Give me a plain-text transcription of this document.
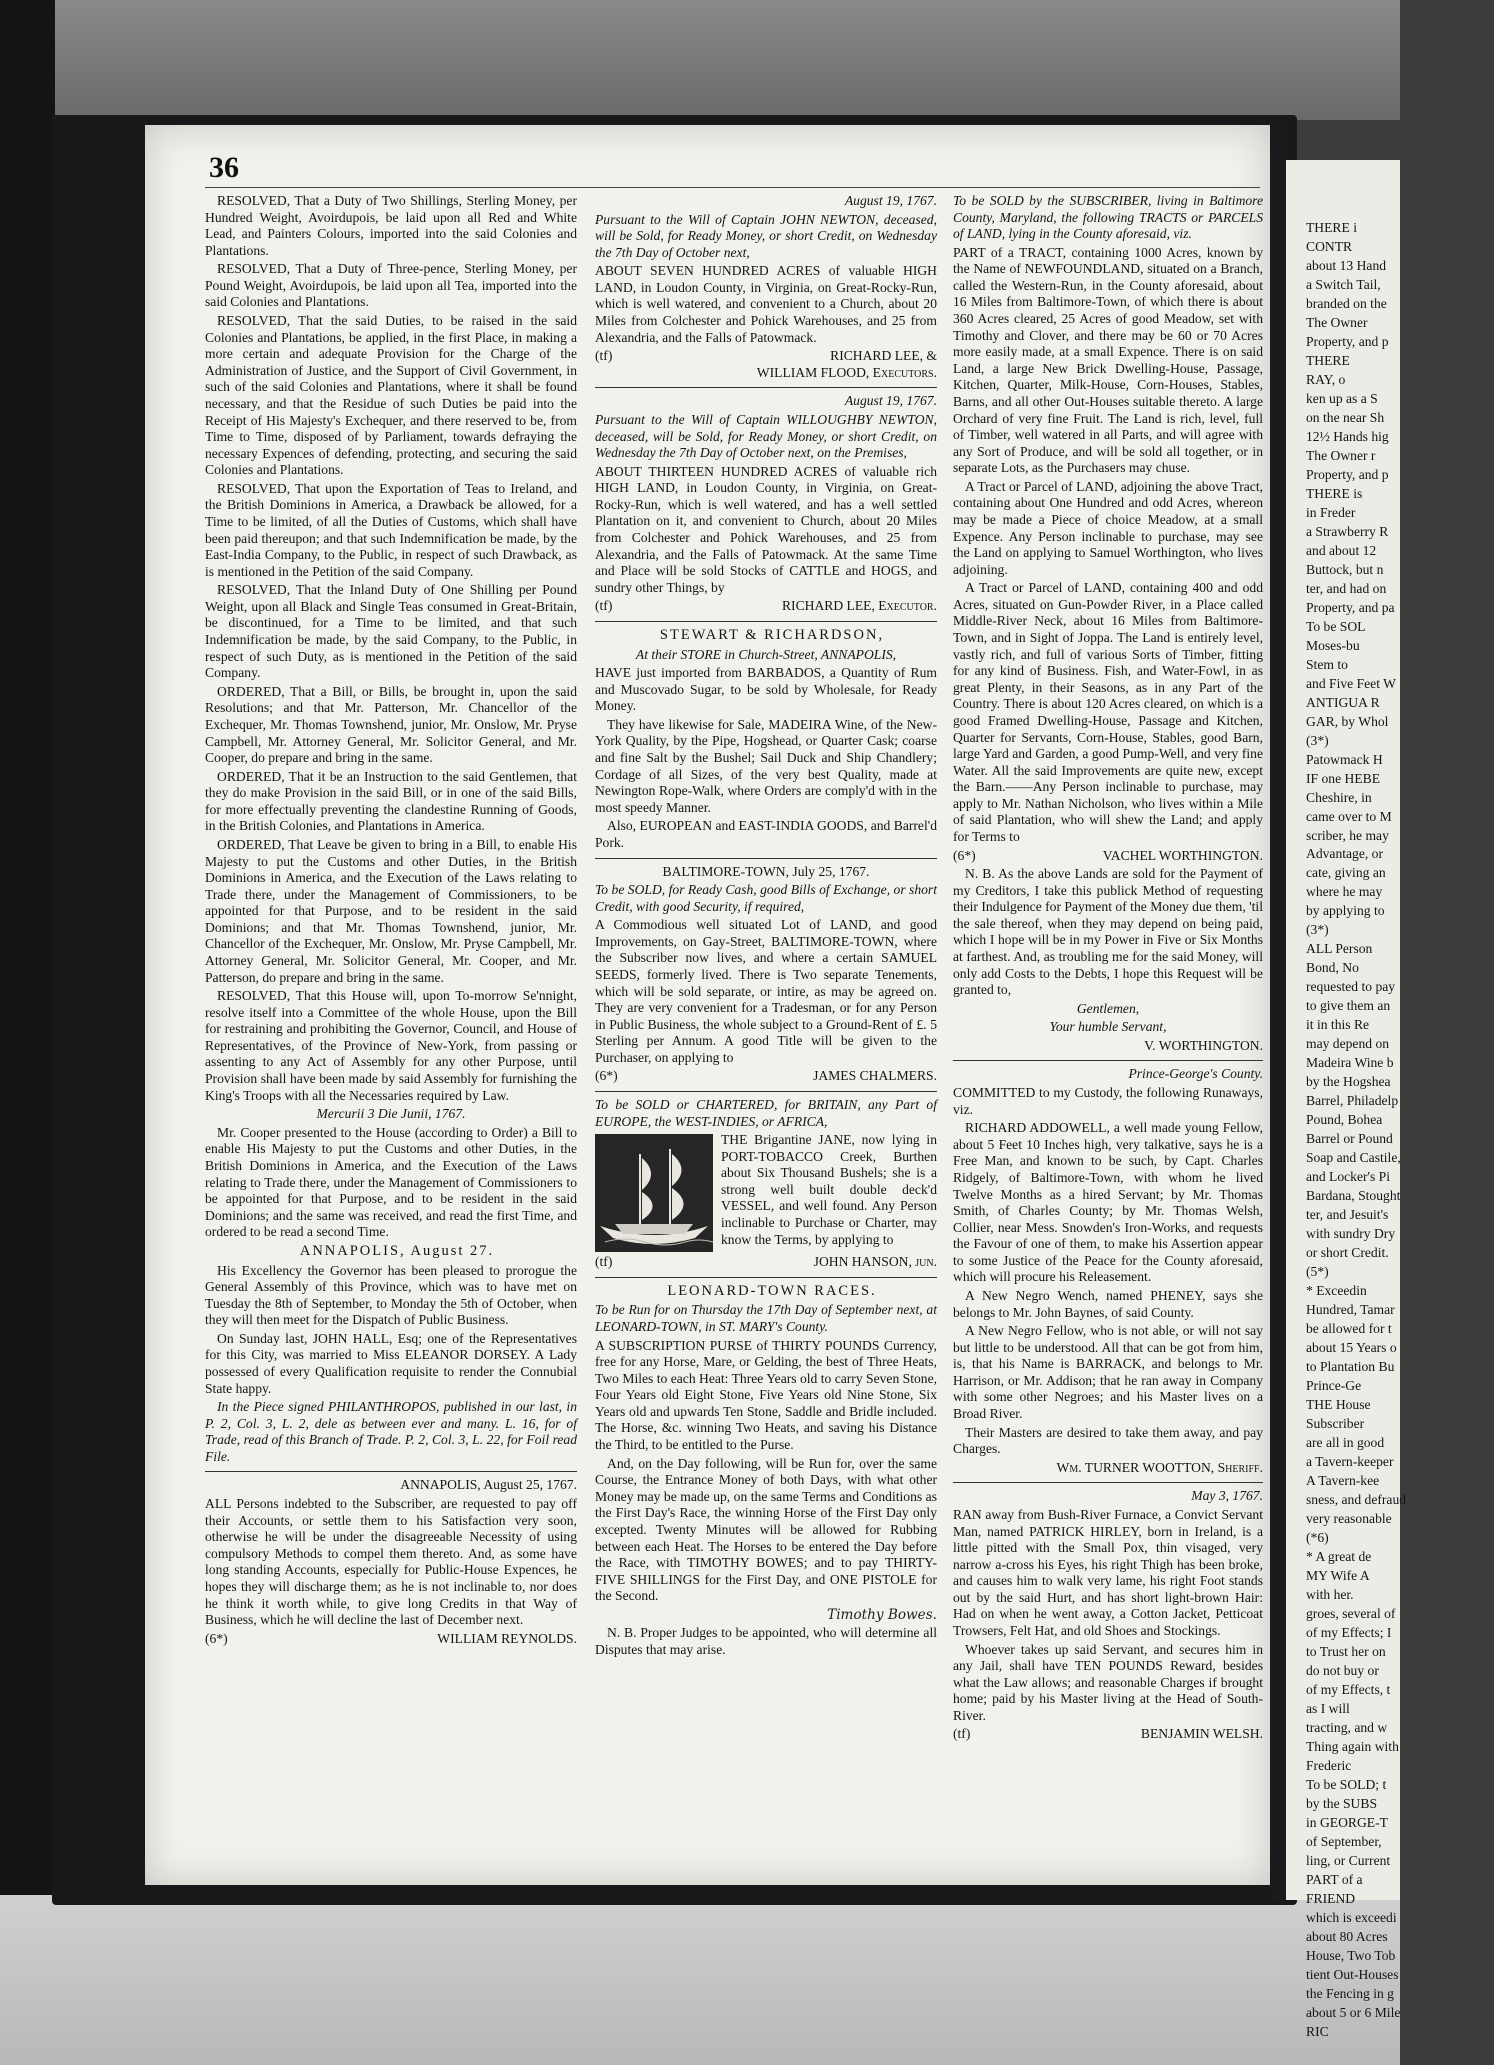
36

RESOLVED, That a Duty of Two Shillings, Sterling Money, per Hundred Weight, Avoirdupois, be laid upon all Red and White Lead, and Painters Colours, imported into the said Colonies and Plantations.

RESOLVED, That a Duty of Three-pence, Sterling Money, per Pound Weight, Avoirdupois, be laid upon all Tea, imported into the said Colonies and Plantations.

RESOLVED, That the said Duties, to be raised in the said Colonies and Plantations, be applied, in the first Place, in making a more certain and adequate Provision for the Charge of the Administration of Justice, and the Support of Civil Government, in such of the said Colonies and Plantations, where it shall be found necessary, and that the Residue of such Duties be paid into the Receipt of His Majesty's Exchequer, and there reserved to be, from Time to Time, disposed of by Parliament, towards defraying the necessary Expences of defending, protecting, and securing the said Colonies and Plantations.

RESOLVED, That upon the Exportation of Teas to Ireland, and the British Dominions in America, a Drawback be allowed, for a Time to be limited, of all the Duties of Customs, which shall have been paid thereupon; and that such Indemnification be made, by the East-India Company, to the Public, in respect of such Drawback, as is mentioned in the Petition of the said Company.

RESOLVED, That the Inland Duty of One Shilling per Pound Weight, upon all Black and Single Teas consumed in Great-Britain, be discontinued, for a Time to be limited, and that such Indemnification be made, by the said Company, to the Public, in respect of such Duty, as is mentioned in the Petition of the said Company.

ORDERED, That a Bill, or Bills, be brought in, upon the said Resolutions; and that Mr. Patterson, Mr. Chancellor of the Exchequer, Mr. Thomas Townshend, junior, Mr. Onslow, Mr. Pryse Campbell, Mr. Attorney General, Mr. Solicitor General, and Mr. Cooper, do prepare and bring in the same.

ORDERED, That it be an Instruction to the said Gentlemen, that they do make Provision in the said Bill, or in one of the said Bills, for more effectually preventing the clandestine Running of Goods, in the British Colonies, and Plantations in America.

ORDERED, That Leave be given to bring in a Bill, to enable His Majesty to put the Customs and other Duties, in the British Dominions in America, and the Execution of the Laws relating to Trade there, under the Management of Commissioners, to be appointed for that Purpose, and to be resident in the said Dominions; and that Mr. Thomas Townshend, junior, Mr. Chancellor of the Exchequer, Mr. Onslow, Mr. Pryse Campbell, Mr. Attorney General, Mr. Solicitor General, Mr. Cooper, and Mr. Patterson, do prepare and bring in the same.

RESOLVED, That this House will, upon To-morrow Se'nnight, resolve itself into a Committee of the whole House, upon the Bill for restraining and prohibiting the Governor, Council, and House of Representatives, of the Province of New-York, from passing or assenting to any Act of Assembly for any other Purpose, until Provision shall have been made by said Assembly for furnishing the King's Troops with all the Necessaries required by Law.

Mercurii 3 Die Junii, 1767.

Mr. Cooper presented to the House (according to Order) a Bill to enable His Majesty to put the Customs and other Duties, in the British Dominions in America, and the Execution of the Laws relating to Trade there, under the Management of Commissioners to be appointed for that Purpose, and to be resident in the said Dominions; and the same was received, and read the first Time, and ordered to be read a second Time.

ANNAPOLIS, August 27.

His Excellency the Governor has been pleased to prorogue the General Assembly of this Province, which was to have met on Tuesday the 8th of September, to Monday the 5th of October, when they will then meet for the Dispatch of Public Business.

On Sunday last, JOHN HALL, Esq; one of the Representatives for this City, was married to Miss ELEANOR DORSEY. A Lady possessed of every Qualification requisite to render the Connubial State happy.

In the Piece signed PHILANTHROPOS, published in our last, in P. 2, Col. 3, L. 2, dele as between ever and many. L. 16, for of Trade, read of this Branch of Trade. P. 2, Col. 3, L. 22, for Foil read File.

ANNAPOLIS, August 25, 1767.

ALL Persons indebted to the Subscriber, are requested to pay off their Accounts, or settle them to his Satisfaction very soon, otherwise he will be under the disagreeable Necessity of using compulsory Methods to compel them thereto. And, as some have long standing Accounts, especially for Public-House Expences, he hopes they will discharge them; as he is not inclinable to, nor does he think it worth while, to give long Credits in that Way of Business, which he will decline the last of December next.

(6*)	WILLIAM REYNOLDS.

August 19, 1767.

Pursuant to the Will of Captain JOHN NEWTON, deceased, will be Sold, for Ready Money, or short Credit, on Wednesday the 7th Day of October next,

ABOUT SEVEN HUNDRED ACRES of valuable HIGH LAND, in Loudon County, in Virginia, on Great-Rocky-Run, which is well watered, and convenient to a Church, about 20 Miles from Colchester and Pohick Warehouses, and 25 from Alexandria, and the Falls of Patowmack.

(tf)	RICHARD LEE, &
WILLIAM FLOOD, Executors.

August 19, 1767.

Pursuant to the Will of Captain WILLOUGHBY NEWTON, deceased, will be Sold, for Ready Money, or short Credit, on Wednesday the 7th Day of October next, on the Premises,

ABOUT THIRTEEN HUNDRED ACRES of valuable rich HIGH LAND, in Loudon County, in Virginia, on Great-Rocky-Run, which is well watered, and has a well settled Plantation on it, and convenient to Church, about 20 Miles from Colchester and Pohick Warehouses, and 25 from Alexandria, and the Falls of Patowmack. At the same Time and Place will be sold Stocks of CATTLE and HOGS, and sundry other Things, by

(tf)	RICHARD LEE, Executor.

STEWART & RICHARDSON,

At their STORE in Church-Street, ANNAPOLIS,

HAVE just imported from BARBADOS, a Quantity of Rum and Muscovado Sugar, to be sold by Wholesale, for Ready Money.

They have likewise for Sale, MADEIRA Wine, of the New-York Quality, by the Pipe, Hogshead, or Quarter Cask; coarse and fine Salt by the Bushel; Sail Duck and Ship Chandlery; Cordage of all Sizes, of the very best Quality, made at Newington Rope-Walk, where Orders are comply'd with in the most speedy Manner.

Also, EUROPEAN and EAST-INDIA GOODS, and Barrel'd Pork.

BALTIMORE-TOWN, July 25, 1767.

To be SOLD, for Ready Cash, good Bills of Exchange, or short Credit, with good Security, if required,

A Commodious well situated Lot of LAND, and good Improvements, on Gay-Street, BALTIMORE-TOWN, where the Subscriber now lives, and where a certain SAMUEL SEEDS, formerly lived. There is Two separate Tenements, which will be sold separate, or intire, as may be agreed on. They are very convenient for a Tradesman, or for any Person in Public Business, the whole subject to a Ground-Rent of £. 5 Sterling per Annum. A good Title will be given to the Purchaser, on applying to

(6*)	JAMES CHALMERS.

To be SOLD or CHARTERED, for BRITAIN, any Part of EUROPE, the WEST-INDIES, or AFRICA,

THE Brigantine JANE, now lying in PORT-TOBACCO Creek, Burthen about Six Thousand Bushels; she is a strong well built double deck'd VESSEL, and well found. Any Person inclinable to Purchase or Charter, may know the Terms, by applying to

(tf)	JOHN HANSON, jun.

LEONARD-TOWN RACES.

To be Run for on Thursday the 17th Day of September next, at LEONARD-TOWN, in ST. MARY's County.

A SUBSCRIPTION PURSE of THIRTY POUNDS Currency, free for any Horse, Mare, or Gelding, the best of Three Heats, Two Miles to each Heat: Three Years old to carry Seven Stone, Four Years old Eight Stone, Five Years old Nine Stone, Six Years old and upwards Ten Stone, Saddle and Bridle included. The Horse, &c. winning Two Heats, and saving his Distance the Third, to be entitled to the Purse.

And, on the Day following, will be Run for, over the same Course, the Entrance Money of both Days, with what other Money may be made up, on the same Terms and Conditions as the First Day's Race, the winning Horse of the First Day only excepted. Twenty Minutes will be allowed for Rubbing between each Heat. The Horses to be entered the Day before the Race, with TIMOTHY BOWES; and to pay THIRTY-FIVE SHILLINGS for the First Day, and ONE PISTOLE for the Second.

Timothy Bowes.

N. B. Proper Judges to be appointed, who will determine all Disputes that may arise.

To be SOLD by the SUBSCRIBER, living in Baltimore County, Maryland, the following TRACTS or PARCELS of LAND, lying in the County aforesaid, viz.

PART of a TRACT, containing 1000 Acres, known by the Name of NEWFOUNDLAND, situated on a Branch, called the Western-Run, in the County aforesaid, about 16 Miles from Baltimore-Town, of which there is about 360 Acres cleared, 25 Acres of good Meadow, set with Timothy and Clover, and there may be 60 or 70 Acres more easily made, at a small Expence. There is on said Land, a large New Brick Dwelling-House, Passage, Kitchen, Quarter, Milk-House, Corn-Houses, Stables, Barns, and all other Out-Houses suitable thereto. A large Orchard of very fine Fruit. The Land is rich, level, full of Timber, well watered in all Parts, and will agree with any Sort of Produce, and will be sold all together, or in separate Lots, as the Purchasers may chuse.

A Tract or Parcel of LAND, adjoining the above Tract, containing about One Hundred and odd Acres, whereon may be made a Piece of choice Meadow, at a small Expence. Any Person inclinable to purchase, may see the Land on applying to Samuel Worthington, who lives adjoining.

A Tract or Parcel of LAND, containing 400 and odd Acres, situated on Gun-Powder River, in a Place called Middle-River Neck, about 16 Miles from Baltimore-Town, and in Sight of Joppa. The Land is entirely level, vastly rich, and full of various Sorts of Timber, fitting for any kind of Business. Fish, and Water-Fowl, in as great Plenty, in their Seasons, as in any Part of the Country. There is about 120 Acres cleared, on which is a good Framed Dwelling-House, Passage and Kitchen, Quarter for Servants, Corn-House, Stables, good Barn, large Yard and Garden, a good Pump-Well, and very fine Water. All the said Improvements are quite new, except the Barn.——Any Person inclinable to purchase, may apply to Mr. Nathan Nicholson, who lives within a Mile of said Plantation, who will shew the Land; and apply for Terms to

(6*)	VACHEL WORTHINGTON.

N. B. As the above Lands are sold for the Payment of my Creditors, I take this publick Method of requesting their Indulgence for Payment of the Money due them, 'til the sale thereof, when they may depend on being paid, which I hope will be in my Power in Five or Six Months at farthest. And, as troubling me for the said Money, will only add Costs to the Debts, I hope this Request will be granted to,

Gentlemen,

Your humble Servant,

V. WORTHINGTON.

Prince-George's County.

COMMITTED to my Custody, the following Runaways, viz.

RICHARD ADDOWELL, a well made young Fellow, about 5 Feet 10 Inches high, very talkative, says he is a Free Man, and known to be such, by Capt. Charles Ridgely, of Baltimore-Town, with whom he lived Twelve Months as a hired Servant; by Mr. Thomas Smith, of Charles County; by Mr. Thomas Welsh, Collier, near Mess. Snowden's Iron-Works, and requests the Favour of one of them, to make his Assertion appear to some Justice of the Peace for the County aforesaid, which will procure his Releasement.

A New Negro Wench, named PHENEY, says she belongs to Mr. John Baynes, of said County.

A New Negro Fellow, who is not able, or will not say but little to be understood. All that can be got from him, is, that his Name is BARRACK, and belongs to Mr. Harrison, or Mr. Addison; that he ran away in Company with some other Negroes; and his Master lives on a Broad River.

Their Masters are desired to take them away, and pay Charges.

Wm. TURNER WOOTTON, Sheriff.

May 3, 1767.

RAN away from Bush-River Furnace, a Convict Servant Man, named PATRICK HIRLEY, born in Ireland, is a little pitted with the Small Pox, thin visaged, very narrow a-cross his Eyes, his right Thigh has been broke, and causes him to walk very lame, his right Foot stands out by the said Hurt, and has short light-brown Hair: Had on when he went away, a Cotton Jacket, Petticoat Trowsers, Felt Hat, and old Shoes and Stockings.

Whoever takes up said Servant, and secures him in any Jail, shall have TEN POUNDS Reward, besides what the Law allows; and reasonable Charges if brought home; paid by his Master living at the Head of South-River.

(tf)	BENJAMIN WELSH.

THERE i

CONTR

about 13 Hand

a Switch Tail,

branded on the

The Owner

Property, and p

THERE

RAY, o

ken up as a S

on the near Sh

12½ Hands hig

The Owner r

Property, and p

THERE is

in Freder

a Strawberry R

and about 12

Buttock, but n

ter, and had on

Property, and pa

To be SOL

Moses-bu

Stem to

and Five Feet W

ANTIGUA R

GAR, by Whol

(3*)

Patowmack H

IF one HEBE

Cheshire, in

came over to M

scriber, he may

Advantage, or

cate, giving an

where he may

by applying to

(3*)

ALL Person

Bond, No

requested to pay

to give them an

it in this Re

may depend on

Madeira Wine b

by the Hogshea

Barrel, Philadelp

Pound, Bohea

Barrel or Pound

Soap and Castile,

and Locker's Pi

Bardana, Stought

ter, and Jesuit's

with sundry Dry

or short Credit.

(5*)

* Exceedin

Hundred, Tamar

be allowed for t

about 15 Years o

to Plantation Bu

Prince-Ge

THE House

Subscriber

are all in good

a Tavern-keeper

A Tavern-kee

sness, and defraud

very reasonable

(*6)

* A great de

MY Wife A

with her.

groes, several of

of my Effects; I

to Trust her on

do not buy or

of my Effects, t

as I will

tracting, and w

Thing again with

Frederic

To be SOLD; t

by the SUBS

in GEORGE-T

of September,

ling, or Current

PART of a

FRIEND

which is exceedi

about 80 Acres

House, Two Tob

tient Out-Houses

the Fencing in g

about 5 or 6 Mile

RIC
